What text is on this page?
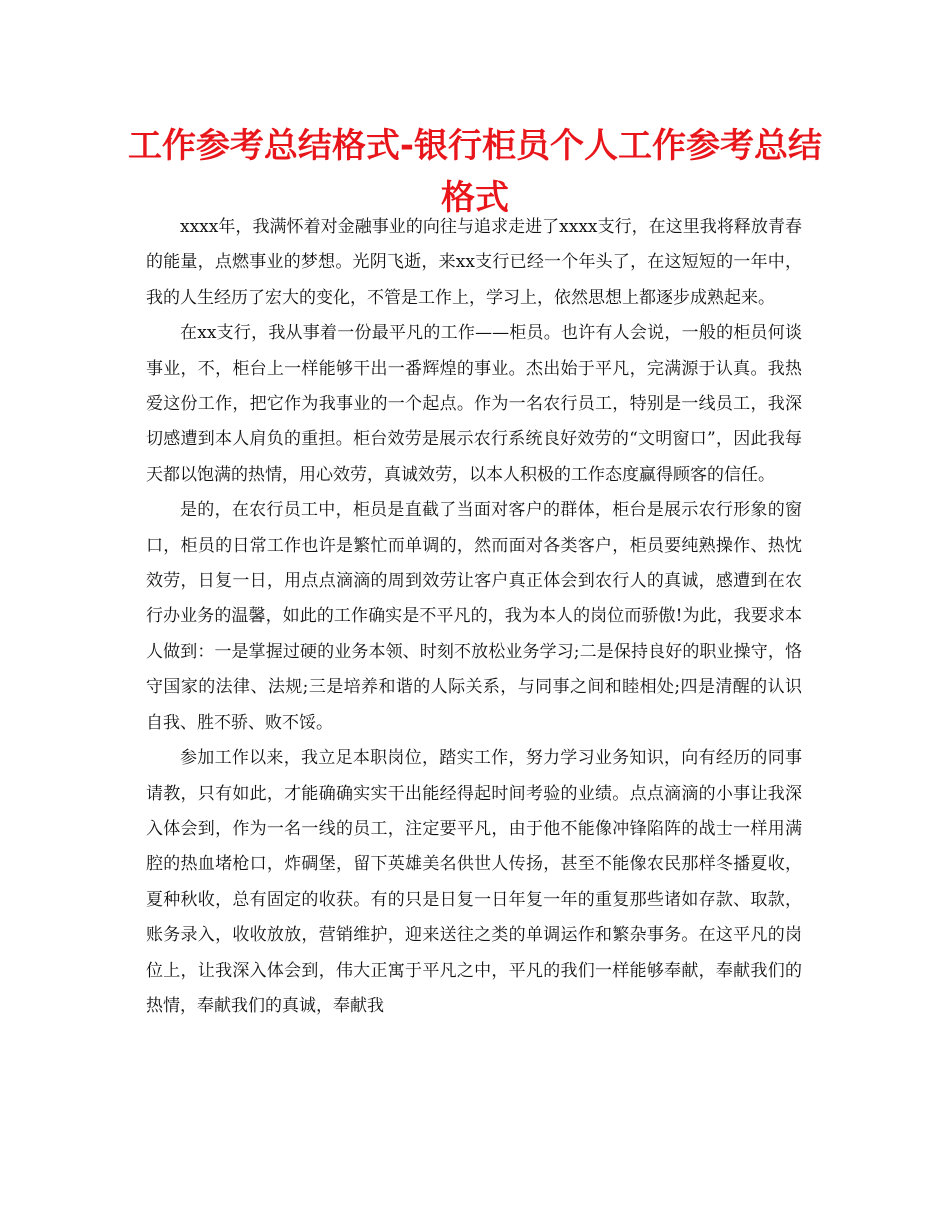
工作参考总结格式-银行柜员个人工作参考总结格式

xxxx年，我满怀着对金融事业的向往与追求走进了xxxx支行，在这里我将释放青春的能量，点燃事业的梦想。光阴飞逝，来xx支行已经一个年头了，在这短短的一年中，我的人生经历了宏大的变化，不管是工作上，学习上，依然思想上都逐步成熟起来。

在xx支行，我从事着一份最平凡的工作——柜员。也许有人会说，一般的柜员何谈事业，不，柜台上一样能够干出一番辉煌的事业。杰出始于平凡，完满源于认真。我热爱这份工作，把它作为我事业的一个起点。作为一名农行员工，特别是一线员工，我深切感遭到本人肩负的重担。柜台效劳是展示农行系统良好效劳的“文明窗口”，因此我每天都以饱满的热情，用心效劳，真诚效劳，以本人积极的工作态度赢得顾客的信任。

是的，在农行员工中，柜员是直截了当面对客户的群体，柜台是展示农行形象的窗口，柜员的日常工作也许是繁忙而单调的，然而面对各类客户，柜员要纯熟操作、热忱效劳，日复一日，用点点滴滴的周到效劳让客户真正体会到农行人的真诚，感遭到在农行办业务的温馨，如此的工作确实是不平凡的，我为本人的岗位而骄傲!为此，我要求本人做到：一是掌握过硬的业务本领、时刻不放松业务学习;二是保持良好的职业操守，恪守国家的法律、法规;三是培养和谐的人际关系，与同事之间和睦相处;四是清醒的认识自我、胜不骄、败不馁。

参加工作以来，我立足本职岗位，踏实工作，努力学习业务知识，向有经历的同事请教，只有如此，才能确确实实干出能经得起时间考验的业绩。点点滴滴的小事让我深入体会到，作为一名一线的员工，注定要平凡，由于他不能像冲锋陷阵的战士一样用满腔的热血堵枪口，炸碉堡，留下英雄美名供世人传扬，甚至不能像农民那样冬播夏收，夏种秋收，总有固定的收获。有的只是日复一日年复一年的重复那些诸如存款、取款，账务录入，收收放放，营销维护，迎来送往之类的单调运作和繁杂事务。在这平凡的岗位上，让我深入体会到，伟大正寓于平凡之中，平凡的我们一样能够奉献，奉献我们的热情，奉献我们的真诚，奉献我
